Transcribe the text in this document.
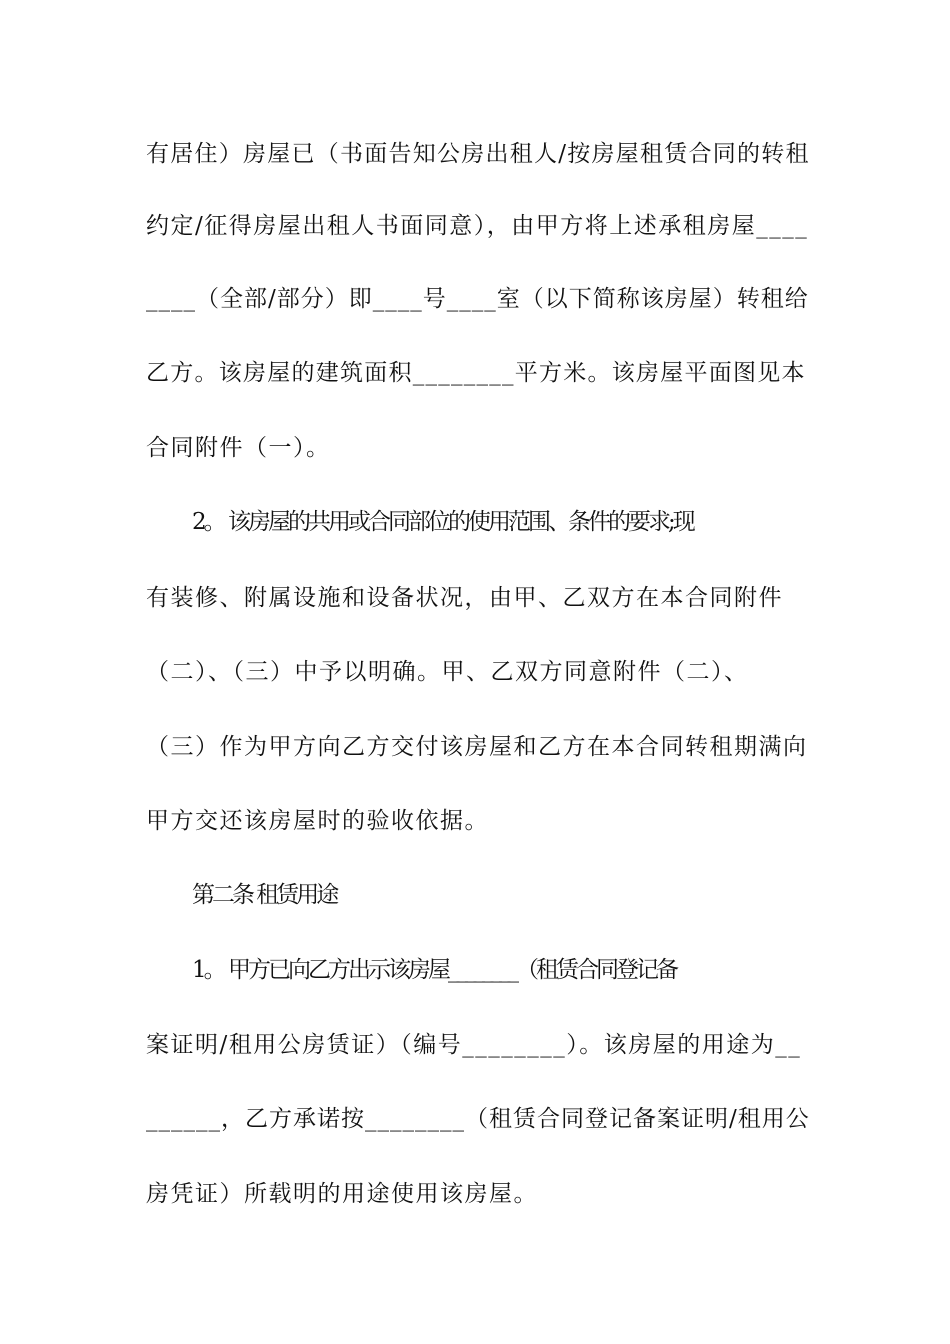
有居住）房屋已（书面告知公房出租人/按房屋租赁合同的转租
约定/征得房屋出租人书面同意），由甲方将上述承租房屋____
____（全部/部分）即____号____室（以下简称该房屋）转租给
乙方。该房屋的建筑面积________平方米。该房屋平面图见本
合同附件（一）。
2。 该房屋的共用或合同部位的使用范围、条件的要求;现
有装修、附属设施和设备状况，由甲、乙双方在本合同附件
（二）、（三）中予以明确。甲、乙双方同意附件（二）、
（三）作为甲方向乙方交付该房屋和乙方在本合同转租期满向
甲方交还该房屋时的验收依据。
第二条 租赁用途
1。 甲方已向乙方出示该房屋________（租赁合同登记备
案证明/租用公房赁证）（编号________）。该房屋的用途为__
______，乙方承诺按________（租赁合同登记备案证明/租用公
房凭证）所载明的用途使用该房屋。
